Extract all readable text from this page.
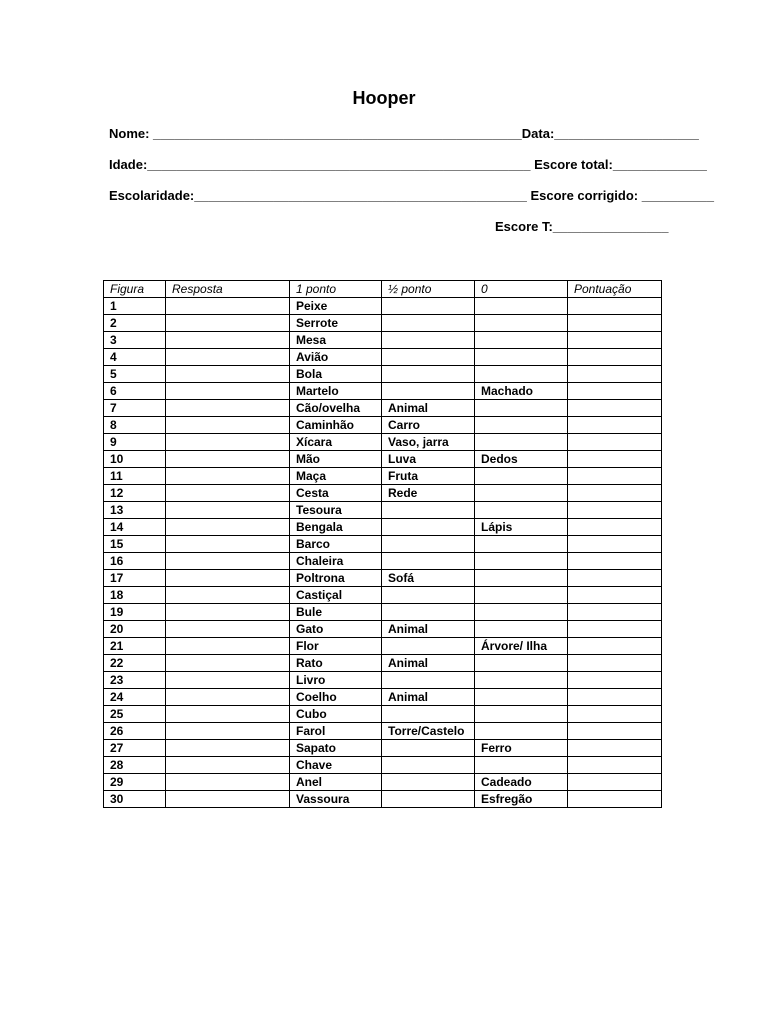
Hooper
Nome: ___________________________________________________Data:____________________
Idade:_____________________________________________________ Escore total:_____________
Escolaridade:______________________________________________ Escore corrigido: __________
Escore T:________________
Figura	Resposta	1 ponto	½ ponto	0	Pontuação
1		Peixe			
2		Serrote			
3		Mesa			
4		Avião			
5		Bola			
6		Martelo		Machado	
7		Cão/ovelha	Animal		
8		Caminhão	Carro		
9		Xícara	Vaso, jarra		
10		Mão	Luva	Dedos	
11		Maça	Fruta		
12		Cesta	Rede		
13		Tesoura			
14		Bengala		Lápis	
15		Barco			
16		Chaleira			
17		Poltrona	Sofá		
18		Castiçal			
19		Bule			
20		Gato	Animal		
21		Flor		Árvore/ Ilha	
22		Rato	Animal		
23		Livro			
24		Coelho	Animal		
25		Cubo			
26		Farol	Torre/Castelo		
27		Sapato		Ferro	
28		Chave			
29		Anel		Cadeado	
30		Vassoura		Esfregão	
